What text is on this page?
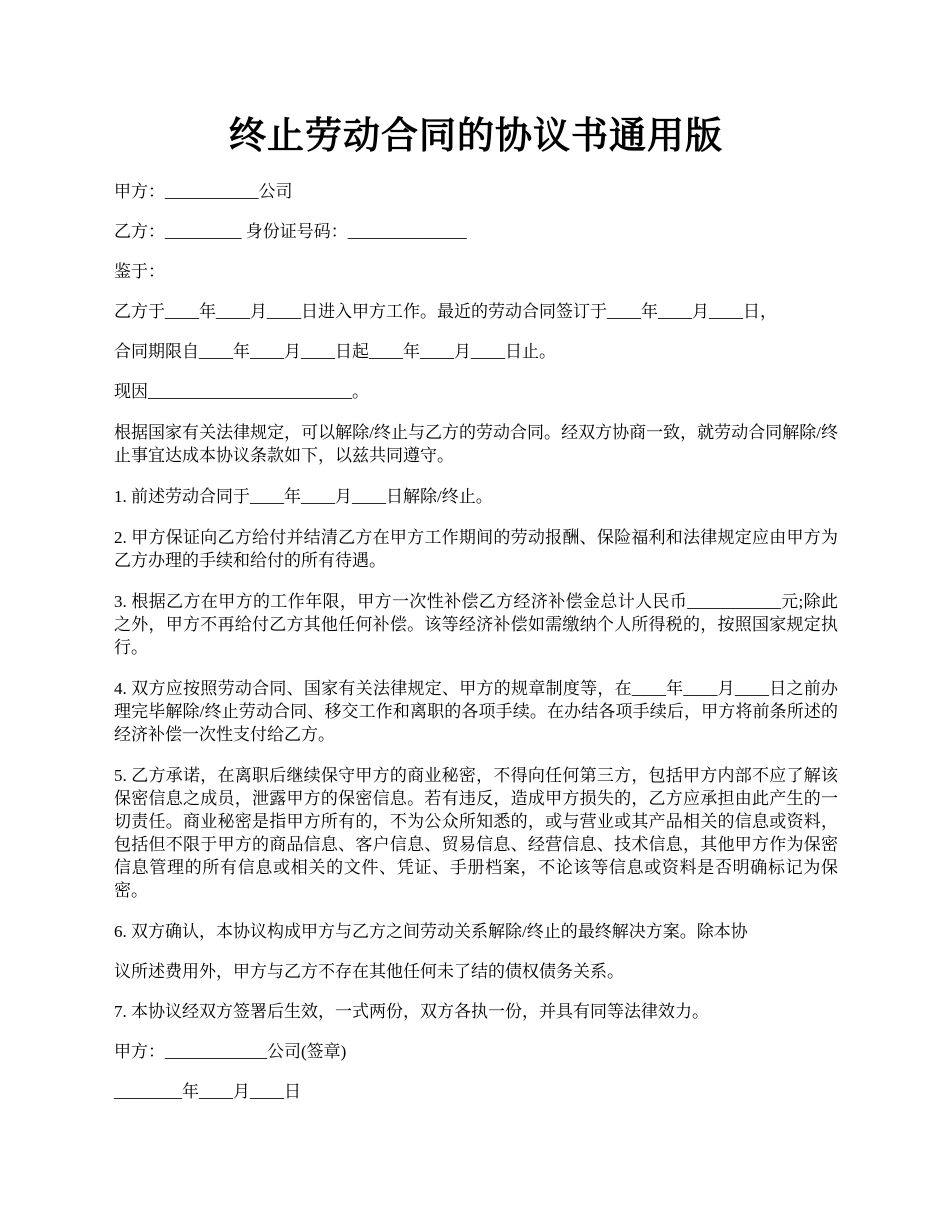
终止劳动合同的协议书通用版

甲方：___________公司

乙方：_________ 身份证号码：______________

鉴于：

乙方于____年____月____日进入甲方工作。最近的劳动合同签订于____年____月____日，

合同期限自____年____月____日起____年____月____日止。

现因________________________。

根据国家有关法律规定，可以解除/终止与乙方的劳动合同。经双方协商一致，就劳动合同解除/终止事宜达成本协议条款如下，以兹共同遵守。

1. 前述劳动合同于____年____月____日解除/终止。

2. 甲方保证向乙方给付并结清乙方在甲方工作期间的劳动报酬、保险福利和法律规定应由甲方为乙方办理的手续和给付的所有待遇。

3. 根据乙方在甲方的工作年限，甲方一次性补偿乙方经济补偿金总计人民币___________元;除此之外，甲方不再给付乙方其他任何补偿。该等经济补偿如需缴纳个人所得税的，按照国家规定执行。

4. 双方应按照劳动合同、国家有关法律规定、甲方的规章制度等，在____年____月____日之前办理完毕解除/终止劳动合同、移交工作和离职的各项手续。在办结各项手续后，甲方将前条所述的经济补偿一次性支付给乙方。

5. 乙方承诺，在离职后继续保守甲方的商业秘密，不得向任何第三方，包括甲方内部不应了解该保密信息之成员，泄露甲方的保密信息。若有违反，造成甲方损失的，乙方应承担由此产生的一切责任。商业秘密是指甲方所有的，不为公众所知悉的，或与营业或其产品相关的信息或资料，包括但不限于甲方的商品信息、客户信息、贸易信息、经营信息、技术信息，其他甲方作为保密信息管理的所有信息或相关的文件、凭证、手册档案，不论该等信息或资料是否明确标记为保密。

6. 双方确认，本协议构成甲方与乙方之间劳动关系解除/终止的最终解决方案。除本协

议所述费用外，甲方与乙方不存在其他任何未了结的债权债务关系。

7. 本协议经双方签署后生效，一式两份，双方各执一份，并具有同等法律效力。

甲方：____________公司(签章)

________年____月____日
